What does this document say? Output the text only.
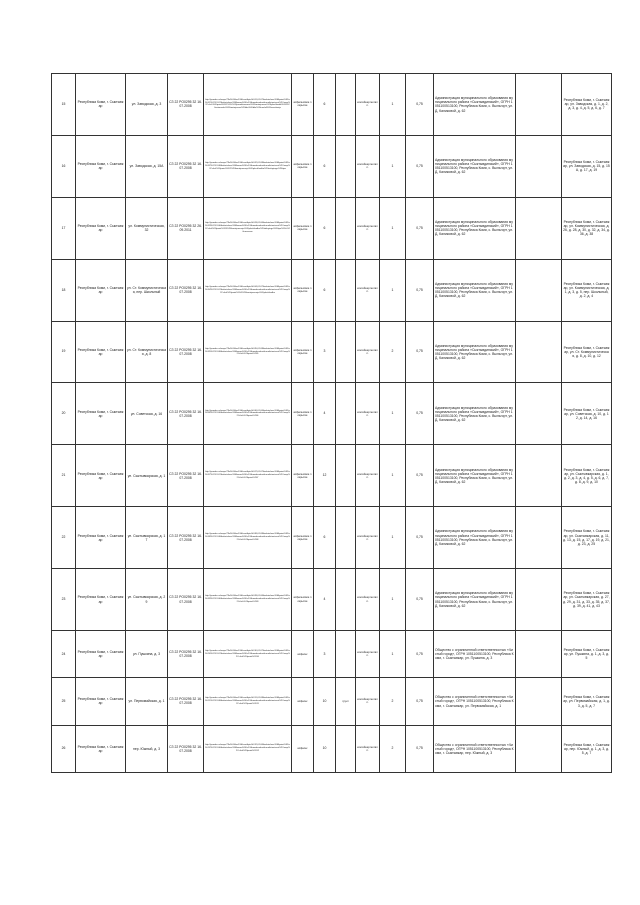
15	Республика Коми, г. Сыктывкар	ул. Заводская, д. 3	СЗ 22 РО0295 32 16.07.2008	http://yandex.ru/maps/?ll=50.8&z=19&l=sat&pt=50.81,61.67&whatshere%5Bpoint%5D=50.81%2C61.67&whatshere%5Bzoom%5D=19&mode=whatshere&rtext=sat%2Cmap%2Cclick%20point%201%20-%20proektirovanie%20kontejnernoi%20ploshhadki%20i%20ustanovka%20kontejnerov%20tbo%20dlia%20nuzhd%20naselenija	асфальтовое покрытие	6		контейнер металл.	1	0,75	Администрация муниципального образования муниципального района «Сыктывдинский», ОГРН 1051100513100, Республика Коми, с. Выльгорт, ул. Д. Каликовой, д. 62		Республика Коми, г. Сыктывкар, ул. Заводская, д. 1, д. 2, д. 3, д. 4, д. 5, д. 6, д. 7
16	Республика Коми, г. Сыктывкар	ул. Заводская, д. 15А	СЗ 22 РО0295 32 16.07.2008	http://yandex.ru/maps/?ll=50.8&z=19&l=sat&pt=50.82,61.68&whatshere%5Bpoint%5D=50.82%2C61.68&whatshere%5Bzoom%5D=19&mode=whatshere&rtext=sat%2Cmap%2Cclick%20point%202%20kontejnernaja%20ploshhadka%20zakrytogo%20tipa	асфальтовое покрытие	6		контейнер металл.	1	0,75	Администрация муниципального образования муниципального района «Сыктывдинский», ОГРН 1051100513100, Республика Коми, с. Выльгорт, ул. Д. Каликовой, д. 62		Республика Коми, г. Сыктывкар, ул. Заводская, д. 15, д. 15А, д. 17, д. 19
17	Республика Коми, г. Сыктывкар	ул. Коммунистическая, 32	СЗ 22 РО0295 32 26.09.2011	http://yandex.ru/maps/?ll=50.8&z=19&l=sat&pt=50.83,61.66&whatshere%5Bpoint%5D=50.83%2C61.66&whatshere%5Bzoom%5D=19&mode=whatshere&rtext=sat%2Cmap%2Cclick%20point%203%20kontejnernaja%20ploshhadka%20otkrytogo%20tipa%20s%20navesom	асфальтовое покрытие	6		контейнер металл.	1	0,75	Администрация муниципального образования муниципального района «Сыктывдинский», ОГРН 1051100513100, Республика Коми, с. Выльгорт, ул. Д. Каликовой, д. 62		Республика Коми, г. Сыктывкар, ул. Коммунистическая, д. 26, д. 28, д. 30, д. 32, д. 34, д. 36, д. 38
18	Республика Коми, г. Сыктывкар	ул. Ст. Коммунистическая, пер. Школьный	СЗ 22 РО0295 32 16.07.2008	http://yandex.ru/maps/?ll=50.8&z=19&l=sat&pt=50.84,61.67&whatshere%5Bpoint%5D=50.84%2C61.67&whatshere%5Bzoom%5D=19&mode=whatshere&rtext=sat%2Cmap%2Cclick%20point%204%20kontejnernaja%20ploshhadka	асфальтовое покрытие	6		контейнер металл.	1	0,75	Администрация муниципального образования муниципального района «Сыктывдинский», ОГРН 1051100513100, Республика Коми, с. Выльгорт, ул. Д. Каликовой, д. 62		Республика Коми, г. Сыктывкар, ул. Коммунистическая, д. 1, д. 3, д. 5, пер. Школьный, д. 2, д. 4
19	Республика Коми, г. Сыктывкар	ул. Ст. Коммунистическая, д. 8	СЗ 22 РО0295 32 16.07.2008	http://yandex.ru/maps/?ll=50.8&z=19&l=sat&pt=50.85,61.68&whatshere%5Bpoint%5D=50.85%2C61.68&whatshere%5Bzoom%5D=19&mode=whatshere&rtext=sat%2Cmap%2Cclick%20point%205	асфальтовое покрытие	3		контейнер металл.	2	0,75	Администрация муниципального образования муниципального района «Сыктывдинский», ОГРН 1051100513100, Республика Коми, с. Выльгорт, ул. Д. Каликовой, д. 62		Республика Коми, г. Сыктывкар, ул. Ст. Коммунистическая, д. 8, д. 10, д. 12
20	Республика Коми, г. Сыктывкар	ул. Советская, д. 16	СЗ 22 РО0295 32 16.07.2008	http://yandex.ru/maps/?ll=50.8&z=19&l=sat&pt=50.86,61.66&whatshere%5Bpoint%5D=50.86%2C61.66&whatshere%5Bzoom%5D=19&mode=whatshere&rtext=sat%2Cmap%2Cclick%20point%206	асфальтовое покрытие	4		контейнер металл.	1	0,75	Администрация муниципального образования муниципального района «Сыктывдинский», ОГРН 1051100513100, Республика Коми, с. Выльгорт, ул. Д. Каликовой, д. 62		Республика Коми, г. Сыктывкар, ул. Советская, д. 10, д. 12, д. 14, д. 16
21	Республика Коми, г. Сыктывкар	ул. Сыктывкарская, д. 1	СЗ 22 РО0295 32 16.07.2008	http://yandex.ru/maps/?ll=50.8&z=19&l=sat&pt=50.87,61.67&whatshere%5Bpoint%5D=50.87%2C61.67&whatshere%5Bzoom%5D=19&mode=whatshere&rtext=sat%2Cmap%2Cclick%20point%207	асфальтовое покрытие	12		контейнер металл.	1	0,75	Администрация муниципального образования муниципального района «Сыктывдинский», ОГРН 1051100513100, Республика Коми, с. Выльгорт, ул. Д. Каликовой, д. 62		Республика Коми, г. Сыктывкар, ул. Сыктывкарская, д. 1, д. 2, д. 3, д. 4, д. 5, д. 6, д. 7, д. 8, д. 9, д. 10
22	Республика Коми, г. Сыктывкар	ул. Сыктывкарская, д. 17	СЗ 22 РО0295 32 16.07.2008	http://yandex.ru/maps/?ll=50.8&z=19&l=sat&pt=50.88,61.68&whatshere%5Bpoint%5D=50.88%2C61.68&whatshere%5Bzoom%5D=19&mode=whatshere&rtext=sat%2Cmap%2Cclick%20point%208	асфальтовое покрытие	6		контейнер металл.	1	0,75	Администрация муниципального образования муниципального района «Сыктывдинский», ОГРН 1051100513100, Республика Коми, с. Выльгорт, ул. Д. Каликовой, д. 62		Республика Коми, г. Сыктывкар, ул. Сыктывкарская, д. 11, д. 13, д. 15, д. 17, д. 19, д. 21, д. 23, д. 25
23	Республика Коми, г. Сыктывкар	ул. Сыктывкарская, д. 29	СЗ 22 РО0295 32 16.07.2008	http://yandex.ru/maps/?ll=50.8&z=19&l=sat&pt=50.89,61.66&whatshere%5Bpoint%5D=50.89%2C61.66&whatshere%5Bzoom%5D=19&mode=whatshere&rtext=sat%2Cmap%2Cclick%20point%209	асфальтовое покрытие	4		контейнер металл.	1	0,75	Администрация муниципального образования муниципального района «Сыктывдинский», ОГРН 1051100513100, Республика Коми, с. Выльгорт, ул. Д. Каликовой, д. 62		Республика Коми, г. Сыктывкар, ул. Сыктывкарская, д. 27, д. 29, д. 31, д. 33, д. 35, д. 37, д. 39, д. 41, д. 43
24	Республика Коми, г. Сыктывкар	ул. Пушкина, д. 3	СЗ 22 РО0295 32 16.07.2008	http://yandex.ru/maps/?ll=50.8&z=19&l=sat&pt=50.90,61.67&whatshere%5Bpoint%5D=50.90%2C61.67&whatshere%5Bzoom%5D=19&mode=whatshere&rtext=sat%2Cmap%2Cclick%20point%2010	асфальт	3		контейнер металл.	1	0,75	Общество с ограниченной ответственностью «Чистый город», ОГРН 1051100513100, Республика Коми, г. Сыктывкар, ул. Пушкина, д. 3		Республика Коми, г. Сыктывкар, ул. Пушкина, д. 1, д. 3, д. 5
25	Республика Коми, г. Сыктывкар	ул. Первомайская, д. 1	СЗ 22 РО0295 32 16.07.2008	http://yandex.ru/maps/?ll=50.8&z=19&l=sat&pt=50.91,61.68&whatshere%5Bpoint%5D=50.91%2C61.68&whatshere%5Bzoom%5D=19&mode=whatshere&rtext=sat%2Cmap%2Cclick%20point%2011	асфальт	10	грунт	контейнер металл.	2	0,75	Общество с ограниченной ответственностью «Чистый город», ОГРН 1051100513100, Республика Коми, г. Сыктывкар, ул. Первомайская, д. 1		Республика Коми, г. Сыктывкар, ул. Первомайская, д. 1, д. 3, д. 5, д. 7
26	Республика Коми, г. Сыктывкар	пер. Южный, д. 3	СЗ 22 РО0295 32 16.07.2008	http://yandex.ru/maps/?ll=50.8&z=19&l=sat&pt=50.92,61.66&whatshere%5Bpoint%5D=50.92%2C61.66&whatshere%5Bzoom%5D=19&mode=whatshere&rtext=sat%2Cmap%2Cclick%20point%2012	асфальт	10		контейнер металл.	2	0,75	Общество с ограниченной ответственностью «Чистый город», ОГРН 1051100513100, Республика Коми, г. Сыктывкар, пер. Южный, д. 3		Республика Коми, г. Сыктывкар, пер. Южный, д. 1, д. 3, д. 5, д. 7
